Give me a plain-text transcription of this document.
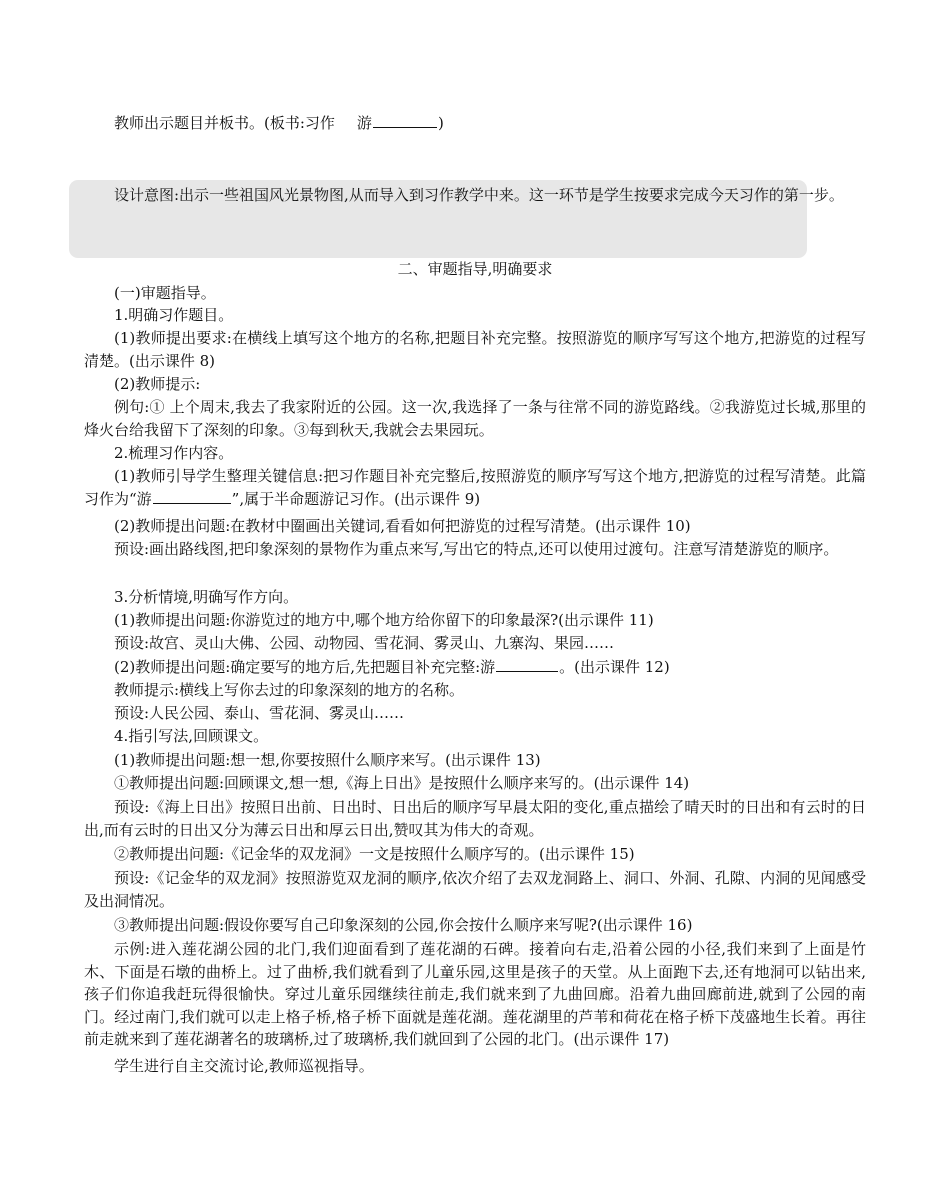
教师出示题目并板书。(板书:习作 游	)

设计意图:出示一些祖国风光景物图,从而导入到习作教学中来。这一环节是学生按要求完成今天习作的第一步。

二、审题指导,明确要求

(一)审题指导。

1.明确习作题目。

(1)教师提出要求:在横线上填写这个地方的名称,把题目补充完整。按照游览的顺序写写这个地方,把游览的过程写清楚。(出示课件 8)

(2)教师提示:

例句:① 上个周末,我去了我家附近的公园。这一次,我选择了一条与往常不同的游览路线。②我游览过长城,那里的烽火台给我留下了深刻的印象。③每到秋天,我就会去果园玩。

2.梳理习作内容。

(1)教师引导学生整理关键信息:把习作题目补充完整后,按照游览的顺序写写这个地方,把游览的过程写清楚。此篇习作为“游	”,属于半命题游记习作。(出示课件 9)

(2)教师提出问题:在教材中圈画出关键词,看看如何把游览的过程写清楚。(出示课件 10)

预设:画出路线图,把印象深刻的景物作为重点来写,写出它的特点,还可以使用过渡句。注意写清楚游览的顺序。

3.分析情境,明确写作方向。

(1)教师提出问题:你游览过的地方中,哪个地方给你留下的印象最深?(出示课件 11)

预设:故宫、灵山大佛、公园、动物园、雪花洞、雾灵山、九寨沟、果园……

(2)教师提出问题:确定要写的地方后,先把题目补充完整:游	。(出示课件 12)

教师提示:横线上写你去过的印象深刻的地方的名称。

预设:人民公园、泰山、雪花洞、雾灵山……

4.指引写法,回顾课文。

(1)教师提出问题:想一想,你要按照什么顺序来写。(出示课件 13)

①教师提出问题:回顾课文,想一想,《海上日出》是按照什么顺序来写的。(出示课件 14)

预设:《海上日出》按照日出前、日出时、日出后的顺序写早晨太阳的变化,重点描绘了晴天时的日出和有云时的日出,而有云时的日出又分为薄云日出和厚云日出,赞叹其为伟大的奇观。

②教师提出问题:《记金华的双龙洞》一文是按照什么顺序写的。(出示课件 15)

预设:《记金华的双龙洞》按照游览双龙洞的顺序,依次介绍了去双龙洞路上、洞口、外洞、孔隙、内洞的见闻感受及出洞情况。

③教师提出问题:假设你要写自己印象深刻的公园,你会按什么顺序来写呢?(出示课件 16)

示例:进入莲花湖公园的北门,我们迎面看到了莲花湖的石碑。接着向右走,沿着公园的小径,我们来到了上面是竹木、下面是石墩的曲桥上。过了曲桥,我们就看到了儿童乐园,这里是孩子的天堂。从上面跑下去,还有地洞可以钻出来,孩子们你追我赶玩得很愉快。穿过儿童乐园继续往前走,我们就来到了九曲回廊。沿着九曲回廊前进,就到了公园的南门。经过南门,我们就可以走上格子桥,格子桥下面就是莲花湖。莲花湖里的芦苇和荷花在格子桥下茂盛地生长着。再往前走就来到了莲花湖著名的玻璃桥,过了玻璃桥,我们就回到了公园的北门。(出示课件 17)

学生进行自主交流讨论,教师巡视指导。
